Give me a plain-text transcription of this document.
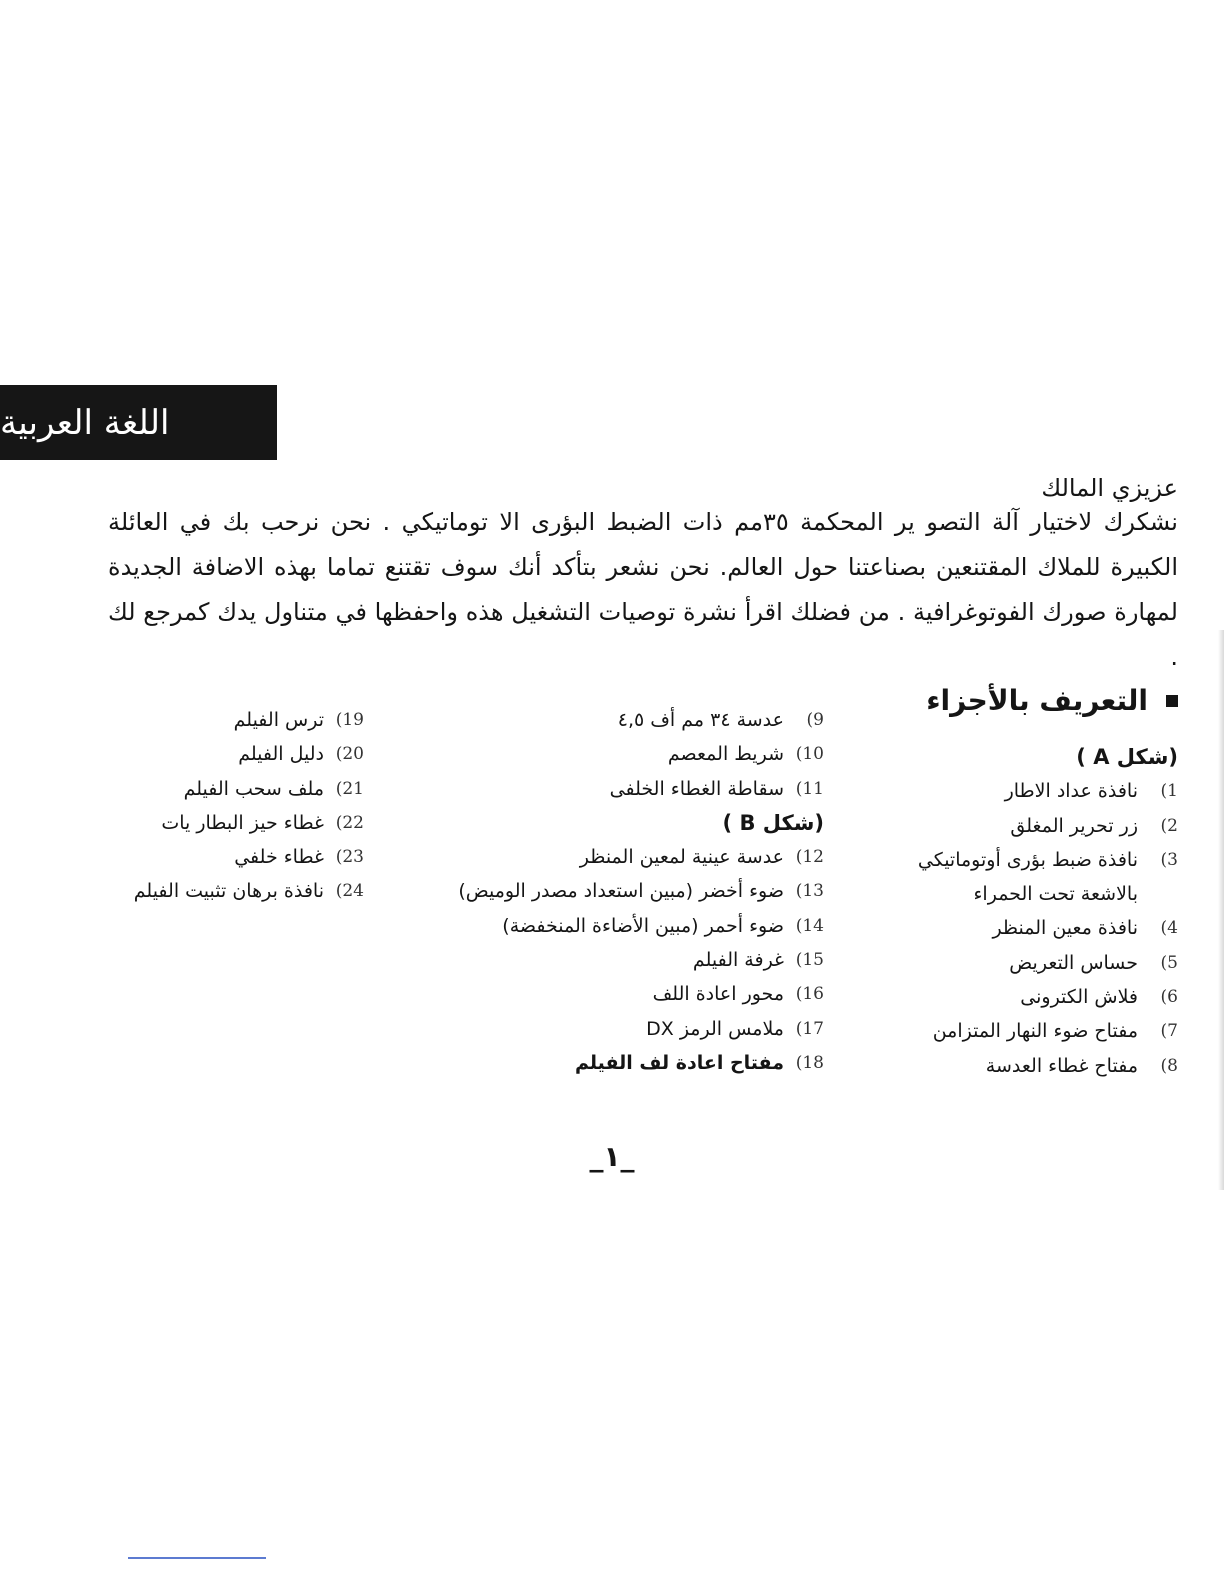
اللغة العربية

عزيزي المالك

نشكرك لاختيار آلة التصو ير المحكمة ٣٥مم ذات الضبط البؤرى الا توماتيكي . نحن نرحب بك في العائلة الكبيرة للملاك المقتنعين بصناعتنا حول العالم. نحن نشعر بتأكد أنك سوف تقتنع تماما بهذه الاضافة الجديدة لمهارة صورك الفوتوغرافية . من فضلك اقرأ نشرة توصيات التشغيل هذه واحفظها في متناول يدك كمرجع لك .

التعريف بالأجزاء
(شكل A )
1)
نافذة عداد الاطار
2)
زر تحرير المغلق
3)
نافذة ضبط بؤرى أوتوماتيكي
بالاشعة تحت الحمراء
4)
نافذة معين المنظر
5)
حساس التعريض
6)
فلاش الكترونى
7)
مفتاح ضوء النهار المتزامن
8)
مفتاح غطاء العدسة
9)
عدسة ٣٤ مم أف ٤,٥
10)
شريط المعصم
11)
سقاطة الغطاء الخلفى
(شكل B )
12)
عدسة عينية لمعين المنظر
13)
ضوء أخضر (مبين استعداد مصدر الوميض)
14)
ضوء أحمر (مبين الأضاءة المنخفضة)
15)
غرفة الفيلم
16)
محور اعادة اللف
17)
ملامس الرمز DX
18)
مفتاح اعادة لف الفيلم
19)
ترس الفيلم
20)
دليل الفيلم
21)
ملف سحب الفيلم
22)
غطاء حيز البطار يات
23)
غطاء خلفي
24)
نافذة برهان تثبيت الفيلم

_١_
